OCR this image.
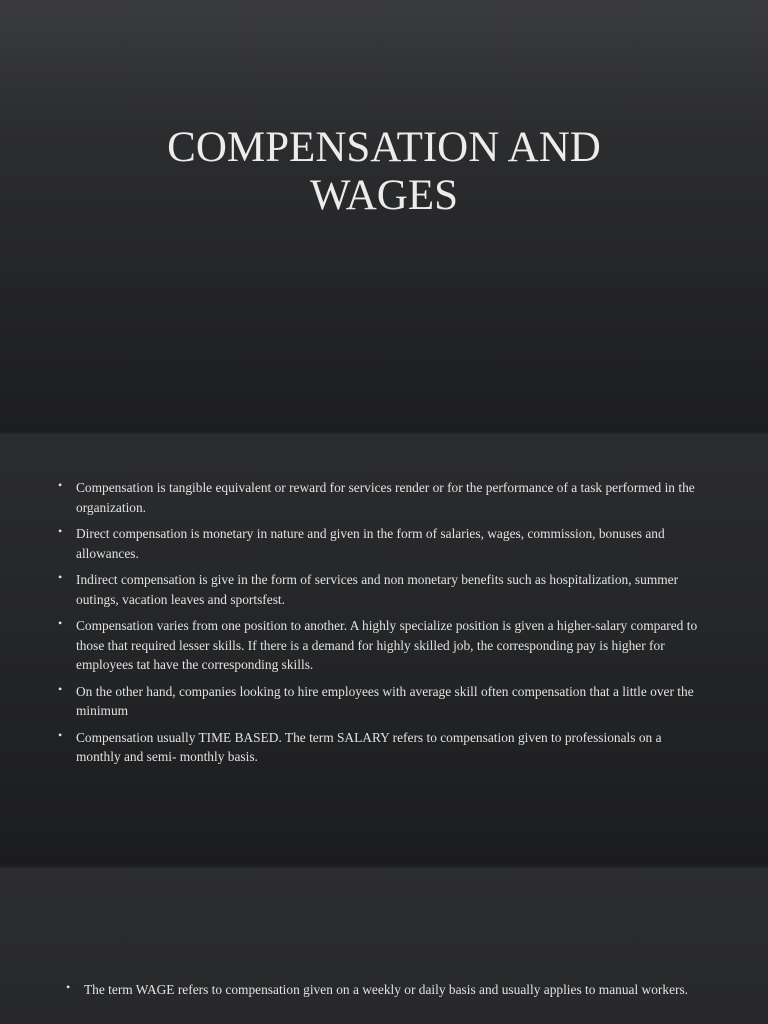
COMPENSATION AND
WAGES
• Compensation is tangible equivalent or reward for services render or for the performance of a task performed in the organization.
• Direct compensation is monetary in nature and given in the form of salaries, wages, commission, bonuses and allowances.
• Indirect compensation is give in the form of services and non monetary benefits such as hospitalization, summer outings, vacation leaves and sportsfest.
• Compensation varies from one position to another. A highly specialize position is given a higher-salary compared to those that required lesser skills. If there is a demand for highly skilled job, the corresponding pay is higher for employees tat have the corresponding skills.
• On the other hand, companies looking to hire employees with average skill often compensation that a little over the minimum
• Compensation usually TIME BASED. The term SALARY refers to compensation given to professionals on a monthly and semi- monthly basis.
• The term WAGE refers to compensation given on a weekly or daily basis and usually applies to manual workers.
